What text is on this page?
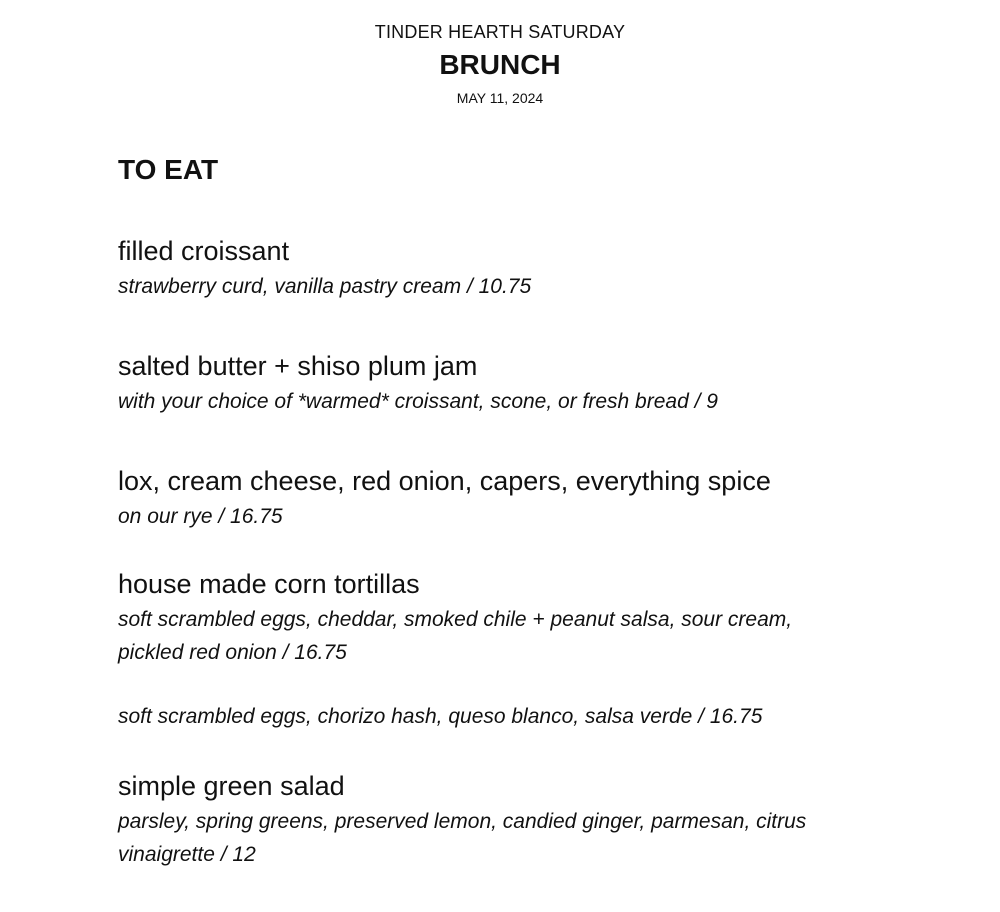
TINDER HEARTH SATURDAY
BRUNCH
MAY 11, 2024
TO EAT
filled croissant
strawberry curd, vanilla pastry cream / 10.75
salted butter + shiso plum jam
with your choice of *warmed* croissant, scone, or fresh bread / 9
lox, cream cheese, red onion, capers, everything spice
on our rye / 16.75
house made corn tortillas
soft scrambled eggs, cheddar, smoked chile + peanut salsa, sour cream, pickled red onion / 16.75
soft scrambled eggs, chorizo hash, queso blanco, salsa verde / 16.75
simple green salad
parsley, spring greens, preserved lemon, candied ginger, parmesan, citrus vinaigrette / 12
